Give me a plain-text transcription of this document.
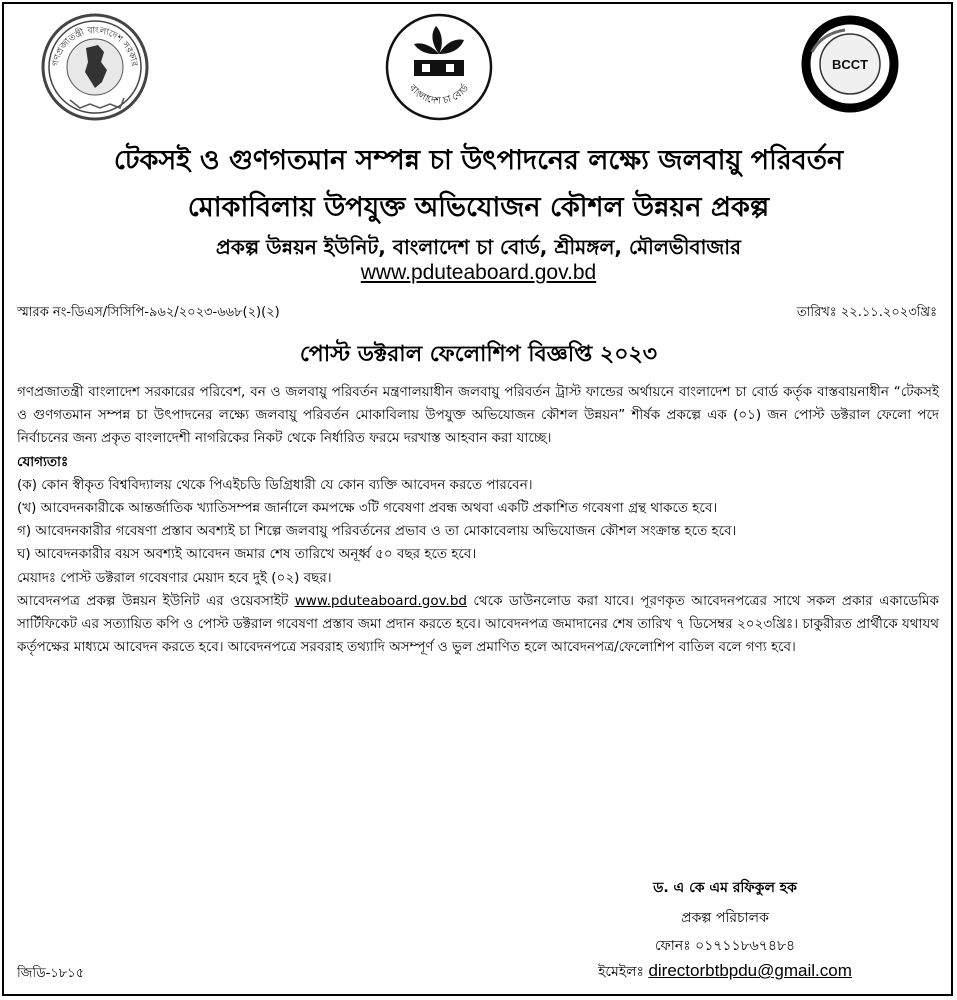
গণপ্রজাতন্ত্রী বাংলাদেশ সরকার
বাংলাদেশ চা বোর্ড
BCCT
টেকসই ও গুণগতমান সম্পন্ন চা উৎপাদনের লক্ষ্যে জলবায়ু পরিবর্তন
মোকাবিলায় উপযুক্ত অভিযোজন কৌশল উন্নয়ন প্রকল্প
প্রকল্প উন্নয়ন ইউনিট, বাংলাদেশ চা বোর্ড, শ্রীমঙ্গল, মৌলভীবাজার
www.pduteaboard.gov.bd
স্মারক নং-ডিএস/সিসিপি-৯৬২/২০২৩-৬৬৮(২)(২)	তারিখঃ ২২.১১.২০২৩খ্রিঃ
পোস্ট ডক্টরাল ফেলোশিপ বিজ্ঞপ্তি ২০২৩

গণপ্রজাতন্ত্রী বাংলাদেশ সরকারের পরিবেশ, বন ও জলবায়ু পরিবর্তন মন্ত্রণালয়াধীন জলবায়ু পরিবর্তন ট্রাস্ট ফান্ডের অর্থায়নে বাংলাদেশ চা বোর্ড কর্তৃক বাস্তবায়নাধীন “টেকসই ও গুণগতমান সম্পন্ন চা উৎপাদনের লক্ষ্যে জলবায়ু পরিবর্তন মোকাবিলায় উপযুক্ত অভিযোজন কৌশল উন্নয়ন” শীর্ষক প্রকল্পে এক (০১) জন পোস্ট ডক্টরাল ফেলো পদে নির্বাচনের জন্য প্রকৃত বাংলাদেশী নাগরিকের নিকট থেকে নির্ধারিত ফরমে দরখাস্ত আহবান করা যাচ্ছে।

যোগ্যতাঃ

(ক) কোন স্বীকৃত বিশ্ববিদ্যালয় থেকে পিএইচডি ডিগ্রিধারী যে কোন ব্যক্তি আবেদন করতে পারবেন।

(খ) আবেদনকারীকে আন্তর্জাতিক খ্যাতিসম্পন্ন জার্নালে কমপক্ষে ৩টি গবেষণা প্রবন্ধ অথবা একটি প্রকাশিত গবেষণা গ্রন্থ থাকতে হবে।

গ) আবেদনকারীর গবেষণা প্রস্তাব অবশ্যই চা শিল্পে জলবায়ু পরিবর্তনের প্রভাব ও তা মোকাবেলায় অভিযোজন কৌশল সংক্রান্ত হতে হবে।

ঘ) আবেদনকারীর বয়স অবশ্যই আবেদন জমার শেষ তারিখে অনূর্ধ্ব ৫০ বছর হতে হবে।

মেয়াদঃ পোস্ট ডক্টরাল গবেষণার মেয়াদ হবে দুই (০২) বছর।

আবেদনপত্র প্রকল্প উন্নয়ন ইউনিট এর ওয়েবসাইট www.pduteaboard.gov.bd থেকে ডাউনলোড করা যাবে। পূরণকৃত আবেদনপত্রের সাথে সকল প্রকার একাডেমিক সার্টিফিকেট এর সত্যায়িত কপি ও পোস্ট ডক্টরাল গবেষণা প্রস্তাব জমা প্রদান করতে হবে। আবেদনপত্র জমাদানের শেষ তারিখ ৭ ডিসেম্বর ২০২৩খ্রিঃ। চাকুরীরত প্রার্থীকে যথাযথ কর্তৃপক্ষের মাধ্যমে আবেদন করতে হবে। আবেদনপত্রে সরবরাহ তথ্যাদি অসম্পূর্ণ ও ভুল প্রমাণিত হলে আবেদনপত্র/ফেলোশিপ বাতিল বলে গণ্য হবে।

ড. এ কে এম রফিকুল হক
প্রকল্প পরিচালক
ফোনঃ ০১৭১১৮৬৭৪৮৪
ইমেইলঃ directorbtbpdu@gmail.com
জিডি-১৮১৫
